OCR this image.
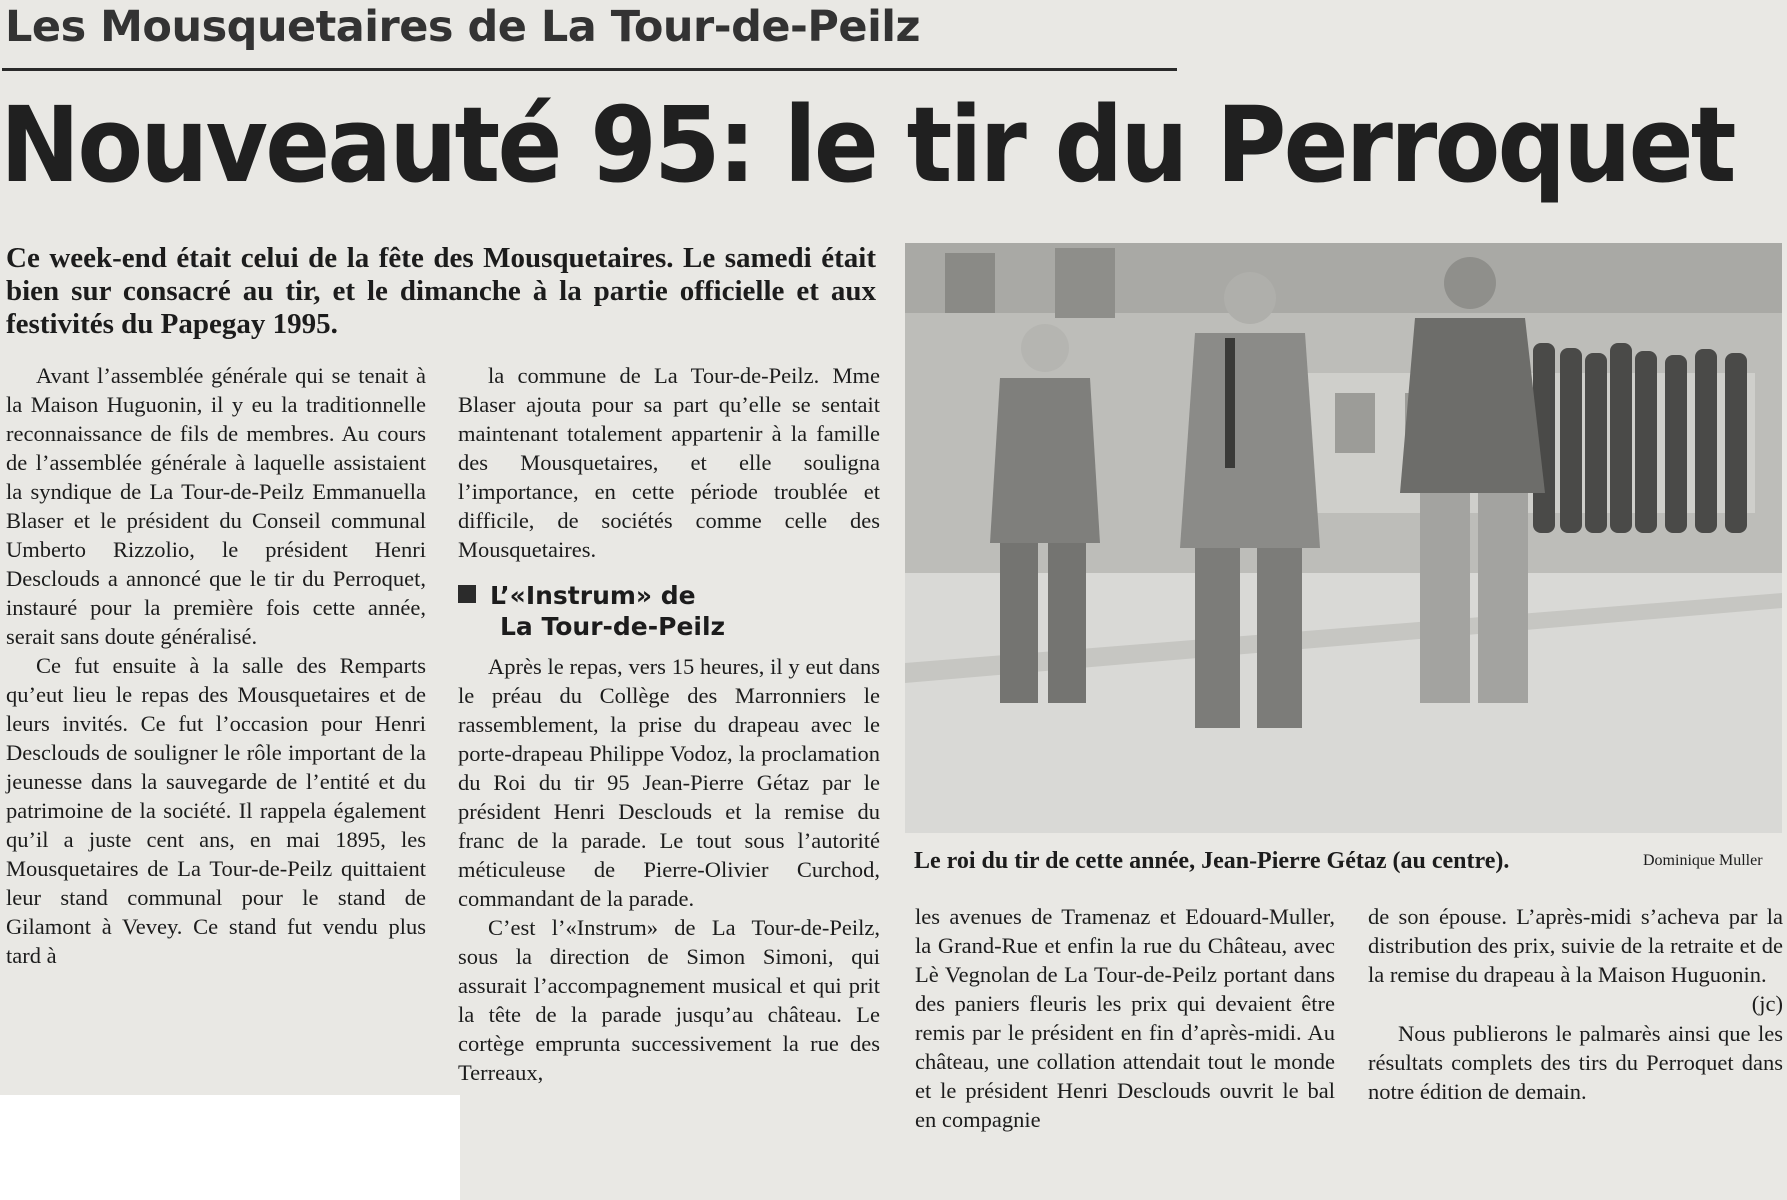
Les Mousquetaires de La Tour-de-Peilz
Nouveauté 95: le tir du Perroquet
Ce week-end était celui de la fête des Mousquetaires. Le samedi était bien sur consacré au tir, et le dimanche à la partie officielle et aux festivités du Papegay 1995.

Avant l’assemblée générale qui se tenait à la Maison Huguonin, il y eu la traditionnelle reconnaissance de fils de membres. Au cours de l’assemblée générale à laquelle assistaient la syndique de La Tour-de-Peilz Emmanuella Blaser et le président du Conseil communal Umberto Rizzolio, le président Henri Desclouds a annoncé que le tir du Perroquet, instauré pour la première fois cette année, serait sans doute généralisé.

Ce fut ensuite à la salle des Remparts qu’eut lieu le repas des Mousquetaires et de leurs invités. Ce fut l’occasion pour Henri Desclouds de souligner le rôle important de la jeunesse dans la sauvegarde de l’entité et du patrimoine de la société. Il rappela également qu’il a juste cent ans, en mai 1895, les Mousquetaires de La Tour-de-Peilz quittaient leur stand communal pour le stand de Gilamont à Vevey. Ce stand fut vendu plus tard à

la commune de La Tour-de-Peilz. Mme Blaser ajouta pour sa part qu’elle se sentait maintenant totalement appartenir à la famille des Mousquetaires, et elle souligna l’importance, en cette période troublée et difficile, de sociétés comme celle des Mousquetaires.

L’«Instrum» de
La Tour-de-Peilz

Après le repas, vers 15 heures, il y eut dans le préau du Collège des Marronniers le rassemblement, la prise du drapeau avec le porte-drapeau Philippe Vodoz, la proclamation du Roi du tir 95 Jean-Pierre Gétaz par le président Henri Desclouds et la remise du franc de la parade. Le tout sous l’autorité méticuleuse de Pierre-Olivier Curchod, commandant de la parade.

C’est l’«Instrum» de La Tour-de-Peilz, sous la direction de Simon Simoni, qui assurait l’accompagnement musical et qui prit la tête de la parade jusqu’au château. Le cortège emprunta successivement la rue des Terreaux,

Le roi du tir de cette année, Jean-Pierre Gétaz (au centre).	Dominique Muller

les avenues de Tramenaz et Edouard-Muller, la Grand-Rue et enfin la rue du Château, avec Lè Vegnolan de La Tour-de-Peilz portant dans des paniers fleuris les prix qui devaient être remis par le président en fin d’après-midi. Au château, une collation attendait tout le monde et le président Henri Desclouds ouvrit le bal en compagnie

de son épouse. L’après-midi s’acheva par la distribution des prix, suivie de la retraite et de la remise du drapeau à la Maison Huguonin.
(jc)

Nous publierons le palmarès ainsi que les résultats complets des tirs du Perroquet dans notre édition de demain.
